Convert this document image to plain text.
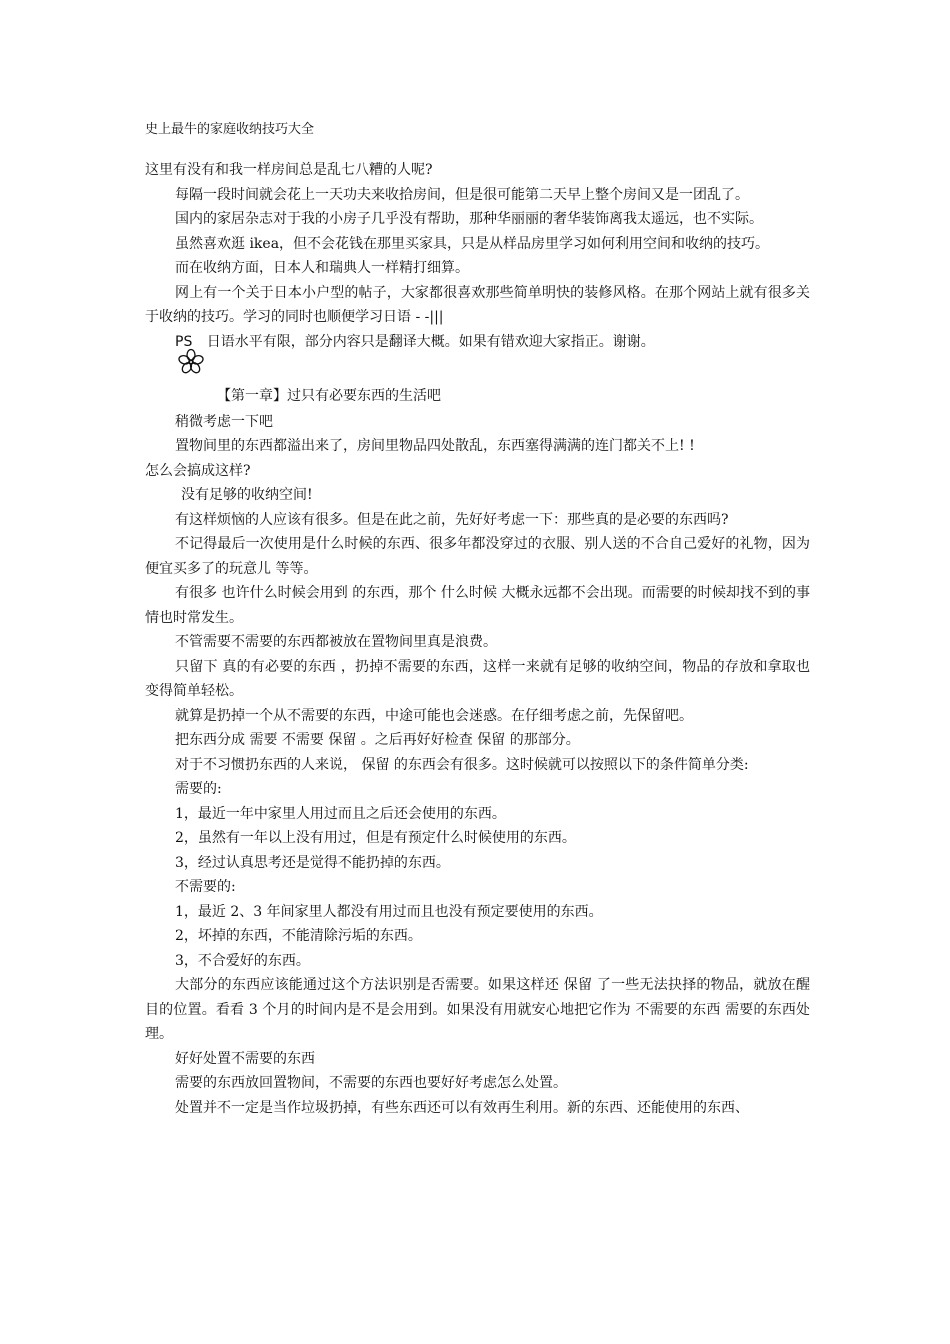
史上最牛的家庭收纳技巧大全

这里有没有和我一样房间总是乱七八糟的人呢?

每隔一段时间就会花上一天功夫来收拾房间，但是很可能第二天早上整个房间又是一团乱了。

国内的家居杂志对于我的小房子几乎没有帮助，那种华丽丽的奢华装饰离我太遥远，也不实际。

虽然喜欢逛 ikea，但不会花钱在那里买家具，只是从样品房里学习如何利用空间和收纳的技巧。

而在收纳方面，日本人和瑞典人一样精打细算。

网上有一个关于日本小户型的帖子，大家都很喜欢那些简单明快的装修风格。在那个网站上就有很多关于收纳的技巧。学习的同时也顺便学习日语 - -|||

PS 日语水平有限，部分内容只是翻译大概。如果有错欢迎大家指正。谢谢。

【第一章】过只有必要东西的生活吧

稍微考虑一下吧

置物间里的东西都溢出来了，房间里物品四处散乱，东西塞得满满的连门都关不上! !

怎么会搞成这样?

没有足够的收纳空间!

有这样烦恼的人应该有很多。但是在此之前，先好好考虑一下：那些真的是必要的东西吗?

不记得最后一次使用是什么时候的东西、很多年都没穿过的衣服、别人送的不合自己爱好的礼物，因为便宜买多了的玩意儿 等等。

有很多 也许什么时候会用到 的东西，那个 什么时候 大概永远都不会出现。而需要的时候却找不到的事情也时常发生。

不管需要不需要的东西都被放在置物间里真是浪费。

只留下 真的有必要的东西 ，扔掉不需要的东西，这样一来就有足够的收纳空间，物品的存放和拿取也变得简单轻松。

就算是扔掉一个从不需要的东西，中途可能也会迷惑。在仔细考虑之前，先保留吧。

把东西分成 需要 不需要 保留 。之后再好好检查 保留 的那部分。

对于不习惯扔东西的人来说， 保留 的东西会有很多。这时候就可以按照以下的条件简单分类:

需要的:

1，最近一年中家里人用过而且之后还会使用的东西。

2，虽然有一年以上没有用过，但是有预定什么时候使用的东西。

3，经过认真思考还是觉得不能扔掉的东西。

不需要的:

1，最近 2、3 年间家里人都没有用过而且也没有预定要使用的东西。

2，坏掉的东西，不能清除污垢的东西。

3，不合爱好的东西。

大部分的东西应该能通过这个方法识别是否需要。如果这样还 保留 了一些无法抉择的物品，就放在醒目的位置。看看 3 个月的时间内是不是会用到。如果没有用就安心地把它作为 不需要的东西 需要的东西处理。

好好处置不需要的东西

需要的东西放回置物间，不需要的东西也要好好考虑怎么处置。

处置并不一定是当作垃圾扔掉，有些东西还可以有效再生利用。新的东西、还能使用的东西、
